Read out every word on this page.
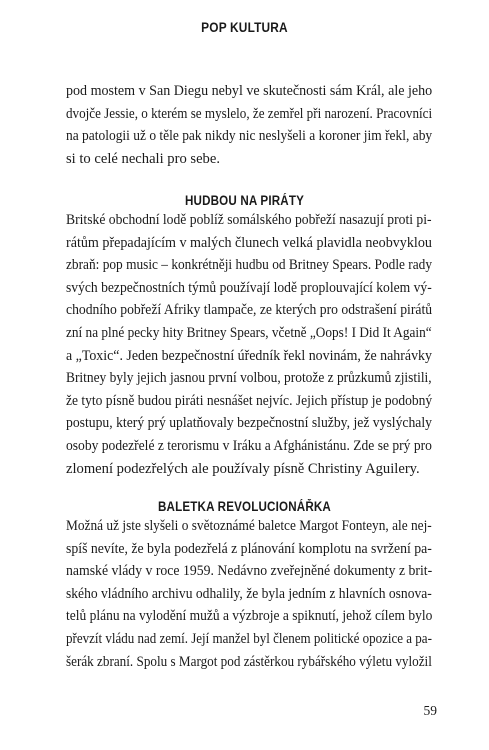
POP KULTURA

pod mostem v San Diegu nebyl ve skutečnosti sám Král, ale jeho
dvojče Jessie, o kterém se myslelo, že zemřel při narození. Pracovníci
na patologii už o těle pak nikdy nic neslyšeli a koroner jim řekl, aby
si to celé nechali pro sebe.

HUDBOU NA PIRÁTY

Britské obchodní lodě poblíž somálského pobřeží nasazují proti pi-
rátům přepadajícím v malých člunech velká plavidla neobvyklou
zbraň: pop music – konkrétněji hudbu od Britney Spears. Podle rady
svých bezpečnostních týmů používají lodě proplouvající kolem vý-
chodního pobřeží Afriky tlampače, ze kterých pro odstrašení pirátů
zní na plné pecky hity Britney Spears, včetně „Oops! I Did It Again“
a „Toxic“. Jeden bezpečnostní úředník řekl novinám, že nahrávky
Britney byly jejich jasnou první volbou, protože z průzkumů zjistili,
že tyto písně budou piráti nesnášet nejvíc. Jejich přístup je podobný
postupu, který prý uplatňovaly bezpečnostní služby, jež vyslýchaly
osoby podezřelé z terorismu v Iráku a Afghánistánu. Zde se prý pro
zlomení podezřelých ale používaly písně Christiny Aguilery.

BALETKA REVOLUCIONÁŘKA

Možná už jste slyšeli o světoznámé baletce Margot Fonteyn, ale nej-
spíš nevíte, že byla podezřelá z plánování komplotu na svržení pa-
namské vlády v roce 1959. Nedávno zveřejněné dokumenty z brit-
ského vládního archivu odhalily, že byla jedním z hlavních osnova-
telů plánu na vylodění mužů a výzbroje a spiknutí, jehož cílem bylo
převzít vládu nad zemí. Její manžel byl členem politické opozice a pa-
šerák zbraní. Spolu s Margot pod zástěrkou rybářského výletu vyložil

59
